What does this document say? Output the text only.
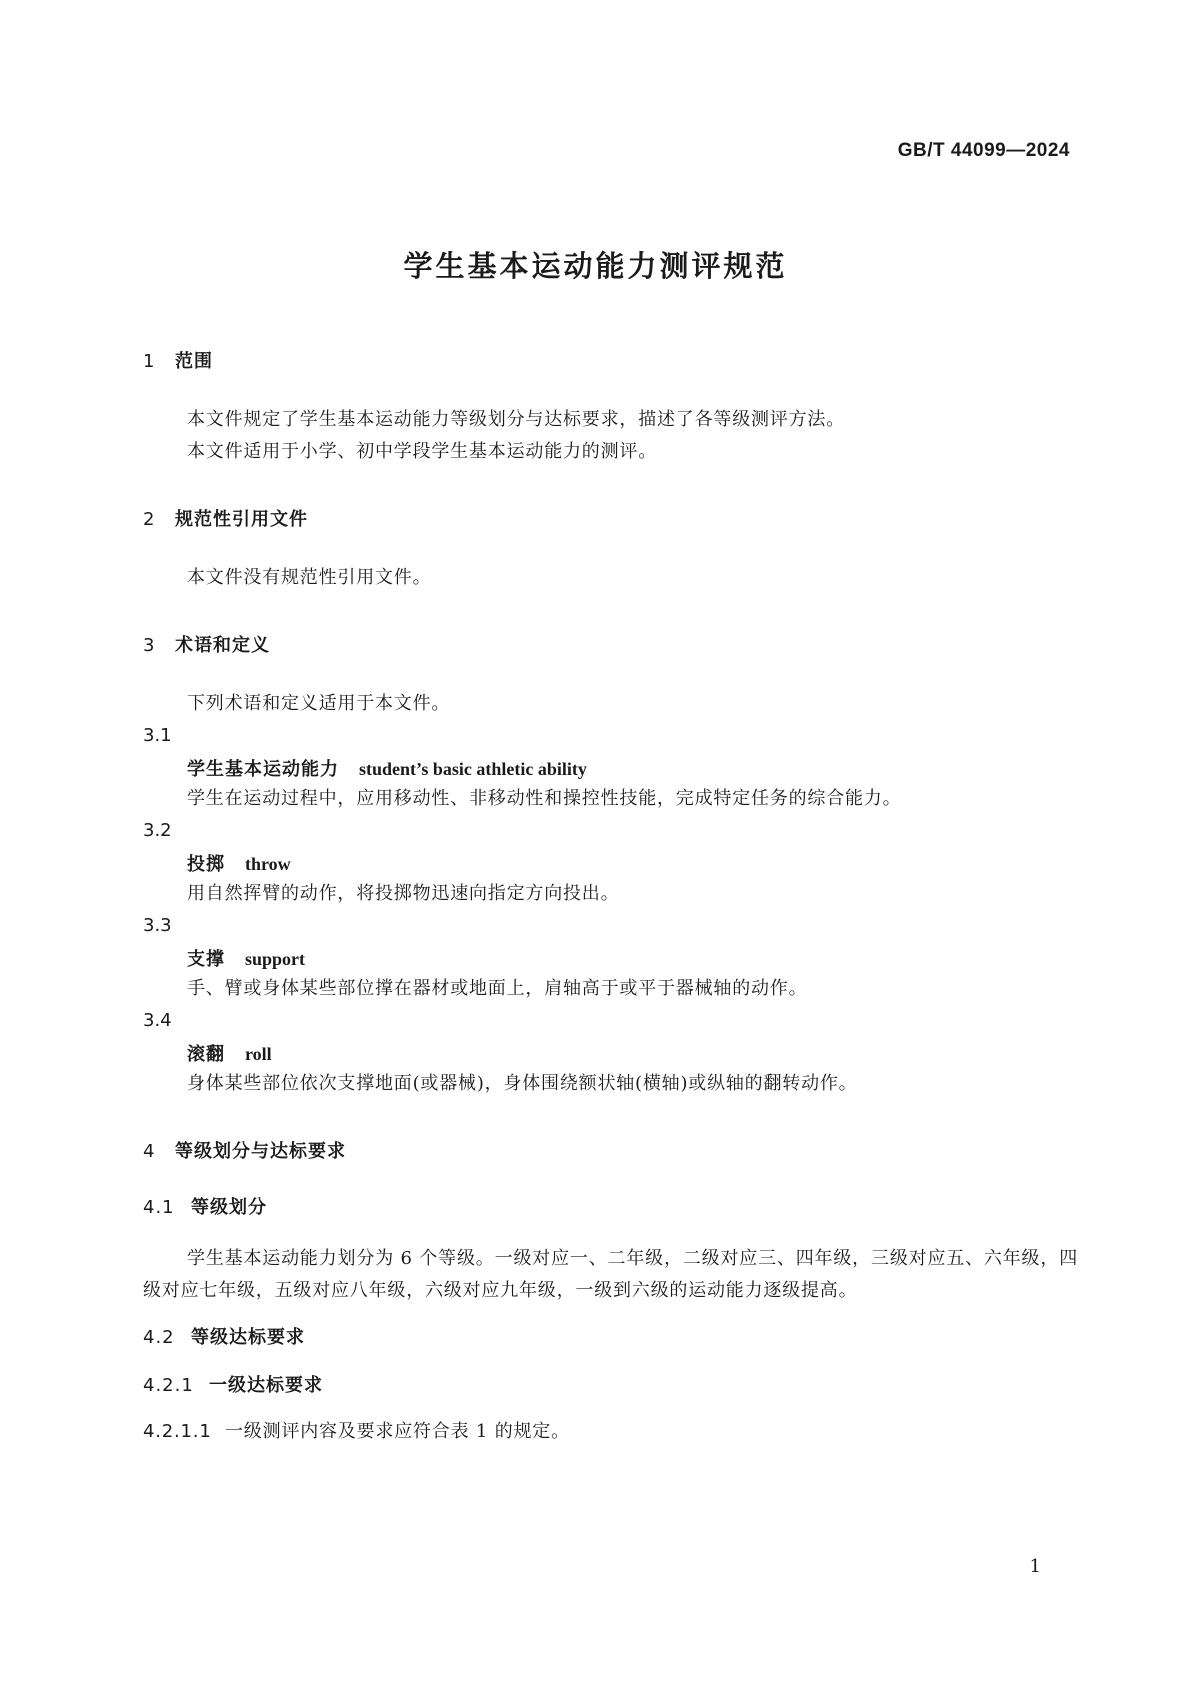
GB/T 44099—2024
学生基本运动能力测评规范
1 范围
本文件规定了学生基本运动能力等级划分与达标要求，描述了各等级测评方法。
本文件适用于小学、初中学段学生基本运动能力的测评。
2 规范性引用文件
本文件没有规范性引用文件。
3 术语和定义
下列术语和定义适用于本文件。
3.1
学生基本运动能力 student’s basic athletic ability
学生在运动过程中，应用移动性、非移动性和操控性技能，完成特定任务的综合能力。
3.2
投掷 throw
用自然挥臂的动作，将投掷物迅速向指定方向投出。
3.3
支撑 support
手、臂或身体某些部位撑在器材或地面上，肩轴高于或平于器械轴的动作。
3.4
滚翻 roll
身体某些部位依次支撑地面(或器械)，身体围绕额状轴(横轴)或纵轴的翻转动作。
4 等级划分与达标要求
4.1 等级划分
学生基本运动能力划分为 6 个等级。一级对应一、二年级，二级对应三、四年级，三级对应五、六年级，四级对应七年级，五级对应八年级，六级对应九年级，一级到六级的运动能力逐级提高。
4.2 等级达标要求
4.2.1 一级达标要求
4.2.1.1 一级测评内容及要求应符合表 1 的规定。
1
